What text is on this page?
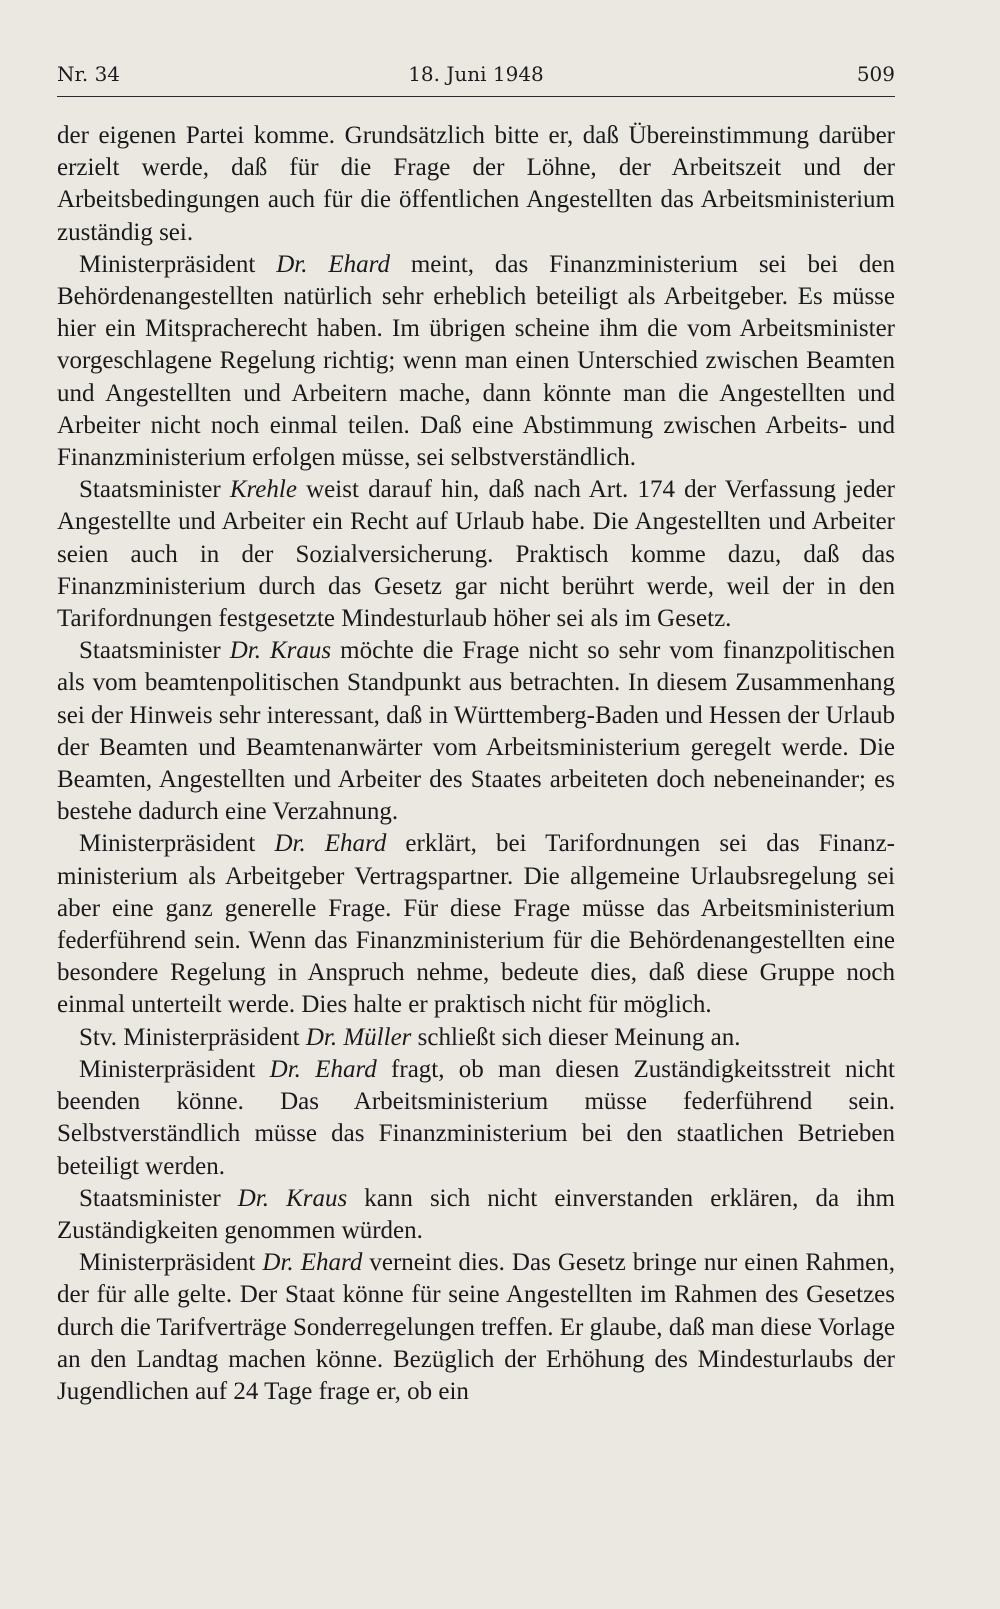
Nr. 34	18. Juni 1948	509

der eigenen Partei komme. Grundsätzlich bitte er, daß Übereinstimmung darüber erzielt werde, daß für die Frage der Löhne, der Arbeitszeit und der Arbeitsbedingungen auch für die öffentlichen Angestellten das Arbeitsministerium zuständig sei.

Ministerpräsident Dr. Ehard meint, das Finanzministerium sei bei den Behördenangestellten natürlich sehr erheblich beteiligt als Arbeitgeber. Es müsse hier ein Mitspracherecht haben. Im übrigen scheine ihm die vom Arbeitsminister vorgeschlagene Regelung richtig; wenn man einen Unterschied zwischen Beamten und Angestellten und Arbeitern mache, dann könnte man die Angestellten und Arbeiter nicht noch einmal teilen. Daß eine Abstimmung zwischen Arbeits- und Finanzministerium erfolgen müsse, sei selbstverständlich.

Staatsminister Krehle weist darauf hin, daß nach Art. 174 der Verfassung jeder Angestellte und Arbeiter ein Recht auf Urlaub habe. Die Angestellten und Arbeiter seien auch in der Sozialversicherung. Praktisch komme dazu, daß das Finanzministerium durch das Gesetz gar nicht berührt werde, weil der in den Tarifordnungen festgesetzte Mindesturlaub höher sei als im Gesetz.

Staatsminister Dr. Kraus möchte die Frage nicht so sehr vom finanzpolitischen als vom beamtenpolitischen Standpunkt aus betrachten. In diesem Zusammenhang sei der Hinweis sehr interessant, daß in Württemberg-Baden und Hessen der Urlaub der Beamten und Beamtenanwärter vom Arbeitsministerium geregelt werde. Die Beamten, Angestellten und Arbeiter des Staates arbeiteten doch nebeneinander; es bestehe dadurch eine Verzahnung.

Ministerpräsident Dr. Ehard erklärt, bei Tarifordnungen sei das Finanzministerium als Arbeitgeber Vertragspartner. Die allgemeine Urlaubsregelung sei aber eine ganz generelle Frage. Für diese Frage müsse das Arbeitsministerium federführend sein. Wenn das Finanzministerium für die Behördenangestellten eine besondere Regelung in Anspruch nehme, bedeute dies, daß diese Gruppe noch einmal unterteilt werde. Dies halte er praktisch nicht für möglich.

Stv. Ministerpräsident Dr. Müller schließt sich dieser Meinung an.

Ministerpräsident Dr. Ehard fragt, ob man diesen Zuständigkeitsstreit nicht beenden könne. Das Arbeitsministerium müsse federführend sein. Selbstverständlich müsse das Finanzministerium bei den staatlichen Betrieben beteiligt werden.

Staatsminister Dr. Kraus kann sich nicht einverstanden erklären, da ihm Zuständigkeiten genommen würden.

Ministerpräsident Dr. Ehard verneint dies. Das Gesetz bringe nur einen Rahmen, der für alle gelte. Der Staat könne für seine Angestellten im Rahmen des Gesetzes durch die Tarifverträge Sonderregelungen treffen. Er glaube, daß man diese Vorlage an den Landtag machen könne. Bezüglich der Erhöhung des Mindesturlaubs der Jugendlichen auf 24 Tage frage er, ob ein
